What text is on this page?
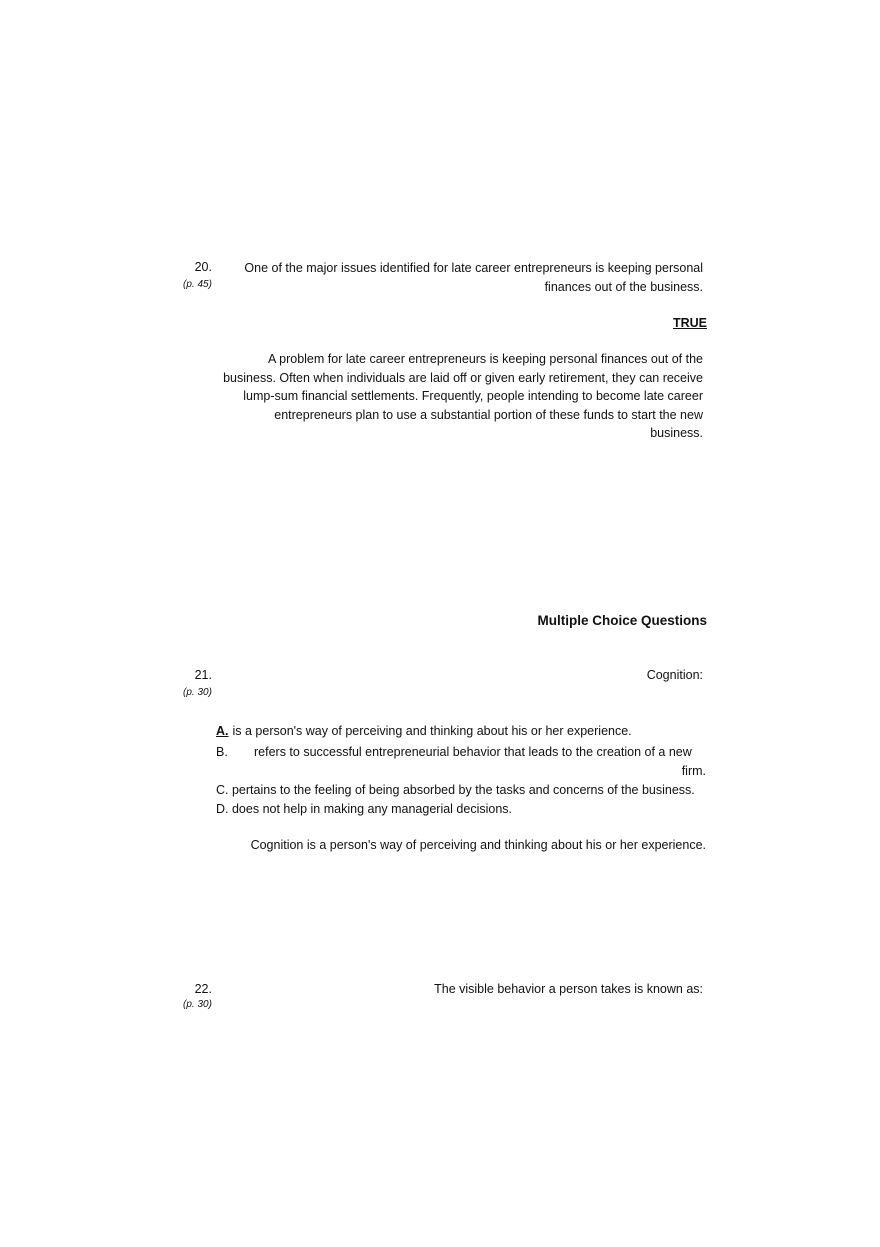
20.
(p. 45)
One of the major issues identified for late career entrepreneurs is keeping personal
finances out of the business.
TRUE
A problem for late career entrepreneurs is keeping personal finances out of the
business. Often when individuals are laid off or given early retirement, they can receive
lump-sum financial settlements. Frequently, people intending to become late career
entrepreneurs plan to use a substantial portion of these funds to start the new
business.
Multiple Choice Questions
21.
(p. 30)
Cognition:
A. is a person's way of perceiving and thinking about his or her experience.
B. refers to successful entrepreneurial behavior that leads to the creation of a new
firm.
C. pertains to the feeling of being absorbed by the tasks and concerns of the business.
D. does not help in making any managerial decisions.
Cognition is a person's way of perceiving and thinking about his or her experience.
22.
(p. 30)
The visible behavior a person takes is known as:
